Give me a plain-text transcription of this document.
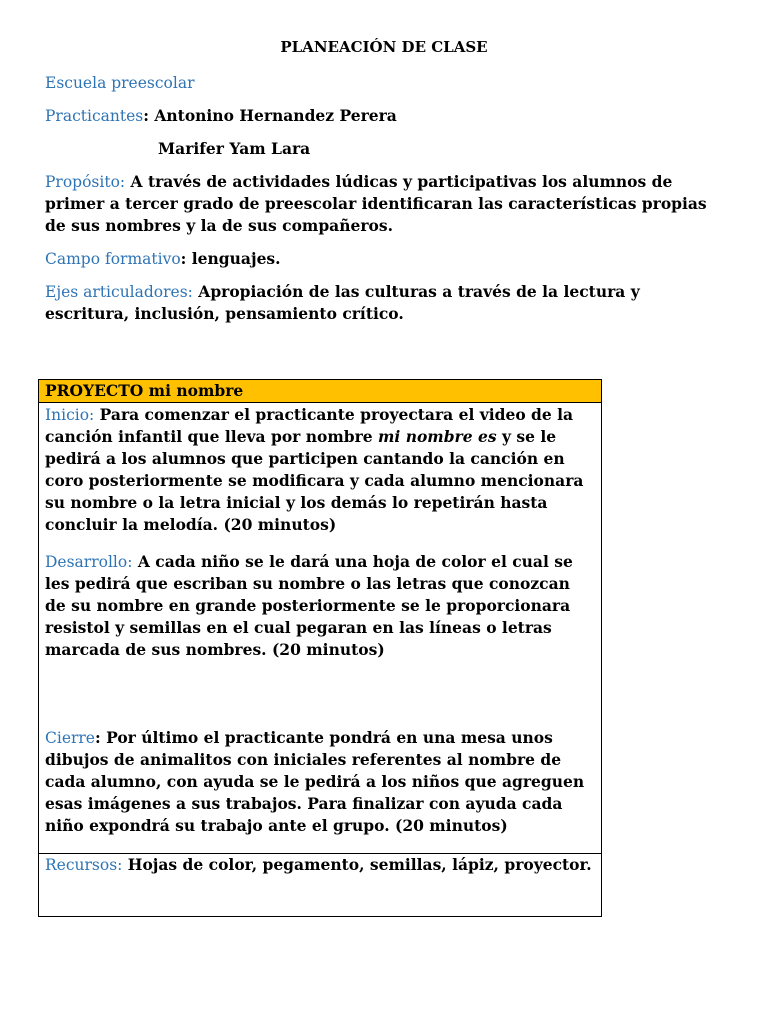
PLANEACIÓN DE CLASE

Escuela preescolar

Practicantes: Antonino Hernandez Perera

Marifer Yam Lara

Propósito: A través de actividades lúdicas y participativas los alumnos de primer a tercer grado de preescolar identificaran las características propias de sus nombres y la de sus compañeros.

Campo formativo: lenguajes.

Ejes articuladores: Apropiación de las culturas a través de la lectura y escritura, inclusión, pensamiento crítico.

PROYECTO mi nombre

Inicio: Para comenzar el practicante proyectara el video de la canción infantil que lleva por nombre mi nombre es y se le pedirá a los alumnos que participen cantando la canción en coro posteriormente se modificara y cada alumno mencionara su nombre o la letra inicial y los demás lo repetirán hasta concluir la melodía. (20 minutos)

Desarrollo: A cada niño se le dará una hoja de color el cual se les pedirá que escriban su nombre o las letras que conozcan de su nombre en grande posteriormente se le proporcionara resistol y semillas en el cual pegaran en las líneas o letras marcada de sus nombres. (20 minutos)

Cierre: Por último el practicante pondrá en una mesa unos dibujos de animalitos con iniciales referentes al nombre de cada alumno, con ayuda se le pedirá a los niños que agreguen esas imágenes a sus trabajos. Para finalizar con ayuda cada niño expondrá su trabajo ante el grupo. (20 minutos)

Recursos: Hojas de color, pegamento, semillas, lápiz, proyector.
